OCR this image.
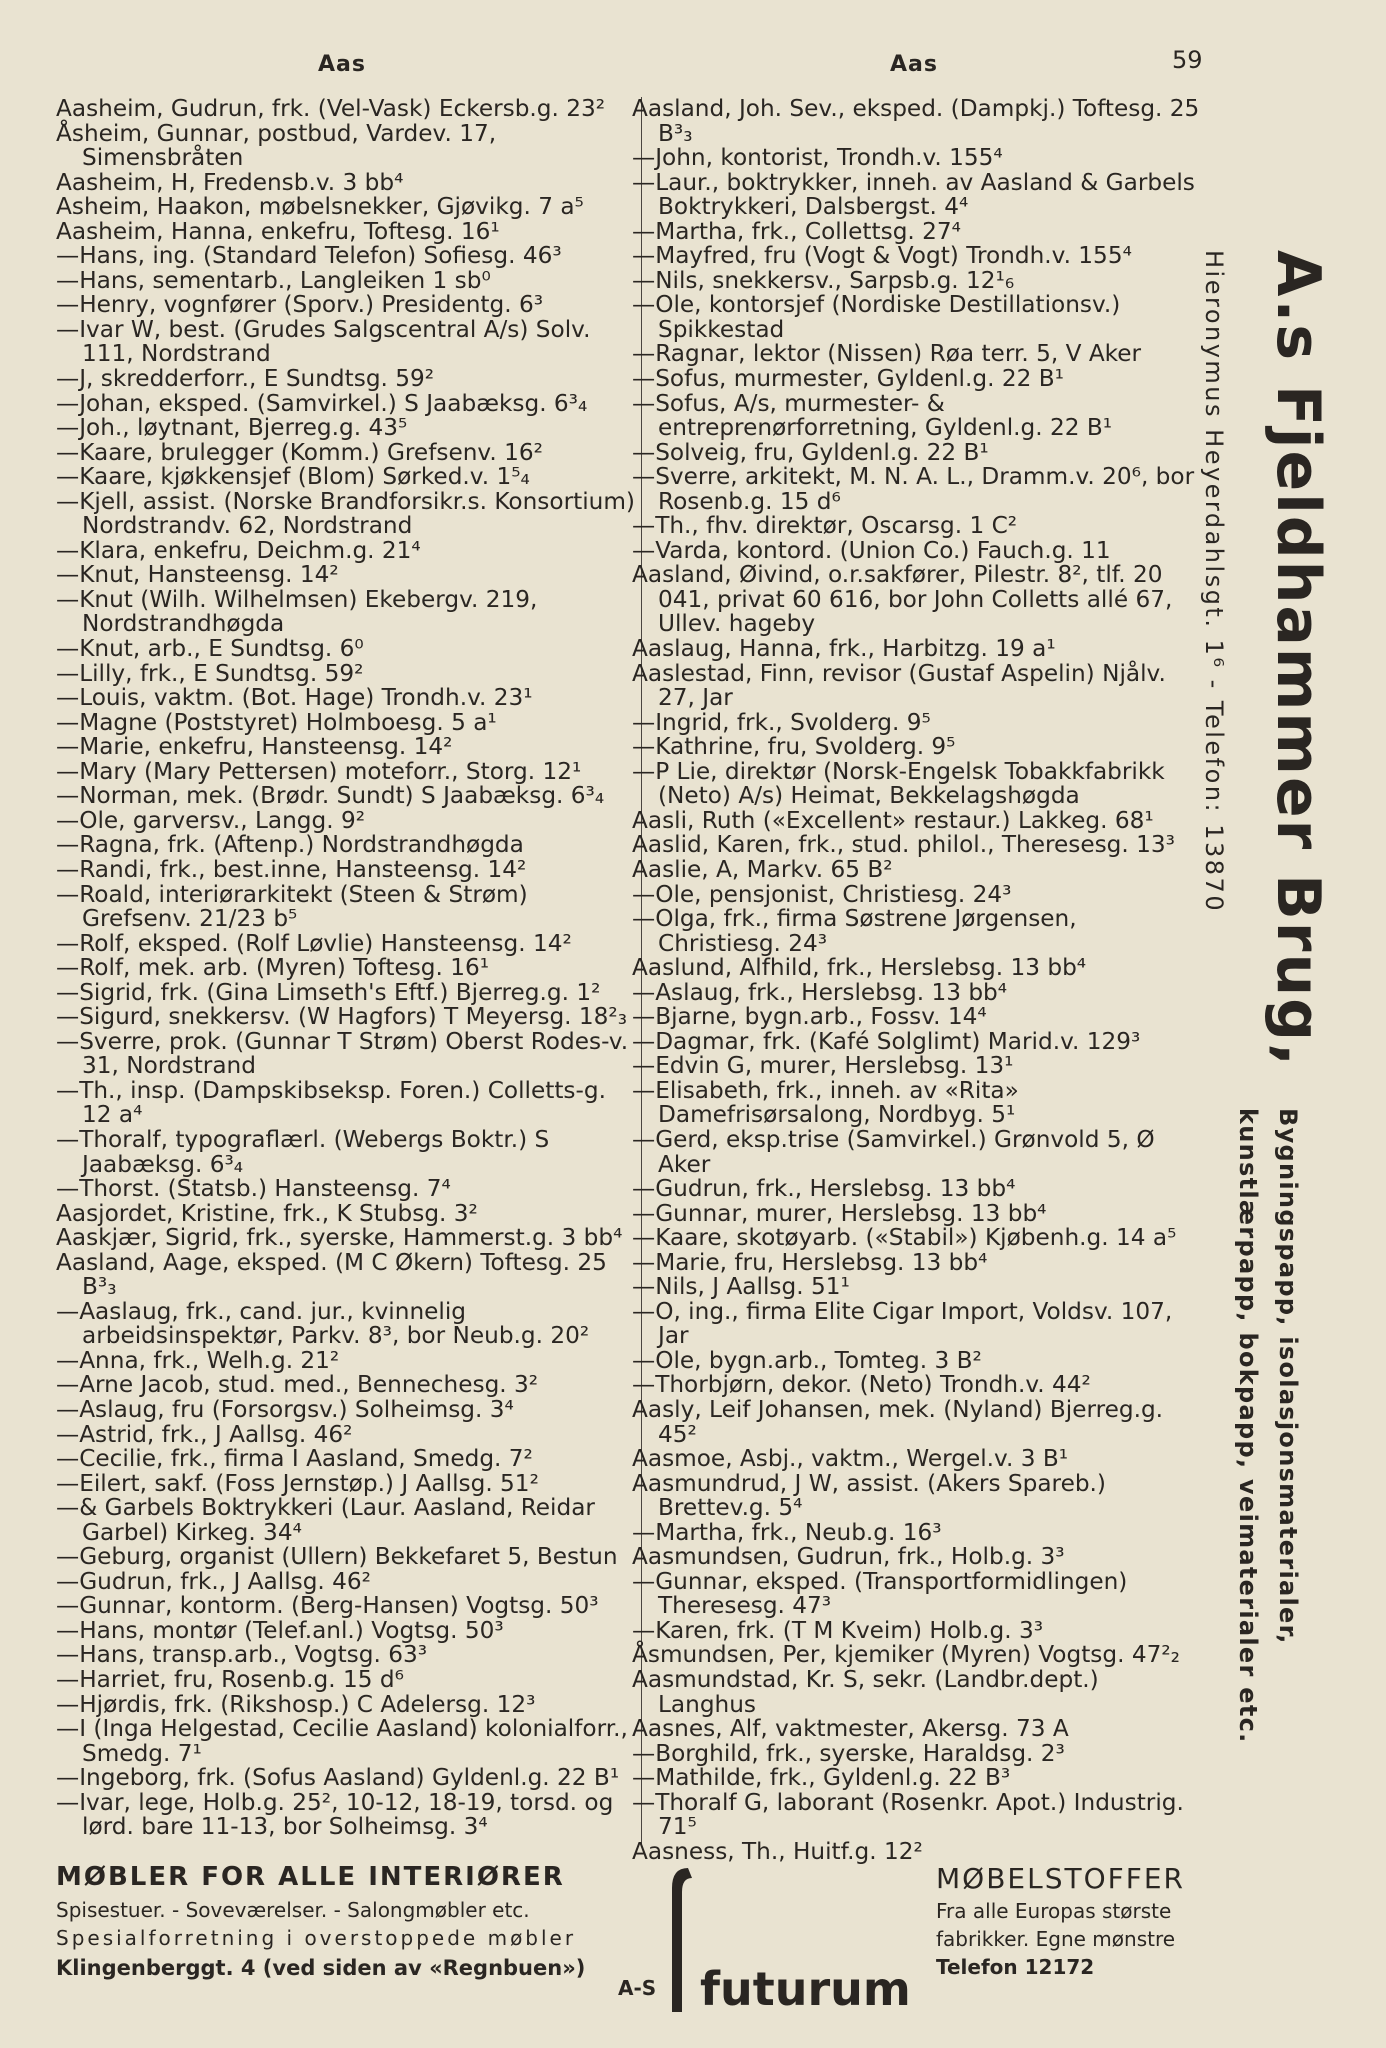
Aas	Aas	59
Aasheim, Gudrun, frk. (Vel-Vask) Eckersb.g. 23²
Åsheim, Gunnar, postbud, Vardev. 17, Simensbråten
Aasheim, H, Fredensb.v. 3 bb⁴
Asheim, Haakon, møbelsnekker, Gjøvikg. 7 a⁵
Aasheim, Hanna, enkefru, Toftesg. 16¹
—Hans, ing. (Standard Telefon) Sofiesg. 46³
—Hans, sementarb., Langleiken 1 sb⁰
—Henry, vognfører (Sporv.) Presidentg. 6³
—Ivar W, best. (Grudes Salgscentral A/s) Solv. 111, Nordstrand
—J, skredderforr., E Sundtsg. 59²
—Johan, eksped. (Samvirkel.) S Jaabæksg. 6³₄
—Joh., løytnant, Bjerreg.g. 43⁵
—Kaare, brulegger (Komm.) Grefsenv. 16²
—Kaare, kjøkkensjef (Blom) Sørked.v. 1⁵₄
—Kjell, assist. (Norske Brandforsikr.s. Konsortium) Nordstrandv. 62, Nordstrand
—Klara, enkefru, Deichm.g. 21⁴
—Knut, Hansteensg. 14²
—Knut (Wilh. Wilhelmsen) Ekebergv. 219, Nordstrandhøgda
—Knut, arb., E Sundtsg. 6⁰
—Lilly, frk., E Sundtsg. 59²
—Louis, vaktm. (Bot. Hage) Trondh.v. 23¹
—Magne (Poststyret) Holmboesg. 5 a¹
—Marie, enkefru, Hansteensg. 14²
—Mary (Mary Pettersen) moteforr., Storg. 12¹
—Norman, mek. (Brødr. Sundt) S Jaabæksg. 6³₄
—Ole, garversv., Langg. 9²
—Ragna, frk. (Aftenp.) Nordstrandhøgda
—Randi, frk., best.inne, Hansteensg. 14²
—Roald, interiørarkitekt (Steen & Strøm) Grefsenv. 21/23 b⁵
—Rolf, eksped. (Rolf Løvlie) Hansteensg. 14²
—Rolf, mek. arb. (Myren) Toftesg. 16¹
—Sigrid, frk. (Gina Limseth's Eftf.) Bjerreg.g. 1²
—Sigurd, snekkersv. (W Hagfors) T Meyersg. 18²₃
—Sverre, prok. (Gunnar T Strøm) Oberst Rodes-v. 31, Nordstrand
—Th., insp. (Dampskibseksp. Foren.) Colletts-g. 12 a⁴
—Thoralf, typograflærl. (Webergs Boktr.) S Jaabæksg. 6³₄
—Thorst. (Statsb.) Hansteensg. 7⁴
Aasjordet, Kristine, frk., K Stubsg. 3²
Aaskjær, Sigrid, frk., syerske, Hammerst.g. 3 bb⁴
Aasland, Aage, eksped. (M C Økern) Toftesg. 25 B³₃
—Aaslaug, frk., cand. jur., kvinnelig arbeidsinspektør, Parkv. 8³, bor Neub.g. 20²
—Anna, frk., Welh.g. 21²
—Arne Jacob, stud. med., Bennechesg. 3²
—Aslaug, fru (Forsorgsv.) Solheimsg. 3⁴
—Astrid, frk., J Aallsg. 46²
—Cecilie, frk., firma I Aasland, Smedg. 7²
—Eilert, sakf. (Foss Jernstøp.) J Aallsg. 51²
—& Garbels Boktrykkeri (Laur. Aasland, Reidar Garbel) Kirkeg. 34⁴
—Geburg, organist (Ullern) Bekkefaret 5, Bestun
—Gudrun, frk., J Aallsg. 46²
—Gunnar, kontorm. (Berg-Hansen) Vogtsg. 50³
—Hans, montør (Telef.anl.) Vogtsg. 50³
—Hans, transp.arb., Vogtsg. 63³
—Harriet, fru, Rosenb.g. 15 d⁶
—Hjørdis, frk. (Rikshosp.) C Adelersg. 12³
—I (Inga Helgestad, Cecilie Aasland) kolonialforr., Smedg. 7¹
—Ingeborg, frk. (Sofus Aasland) Gyldenl.g. 22 B¹
—Ivar, lege, Holb.g. 25², 10-12, 18-19, torsd. og lørd. bare 11-13, bor Solheimsg. 3⁴
Aasland, Joh. Sev., eksped. (Dampkj.) Toftesg. 25 B³₃
—John, kontorist, Trondh.v. 155⁴
—Laur., boktrykker, inneh. av Aasland & Garbels Boktrykkeri, Dalsbergst. 4⁴
—Martha, frk., Collettsg. 27⁴
—Mayfred, fru (Vogt & Vogt) Trondh.v. 155⁴
—Nils, snekkersv., Sarpsb.g. 12¹₆
—Ole, kontorsjef (Nordiske Destillationsv.) Spikkestad
—Ragnar, lektor (Nissen) Røa terr. 5, V Aker
—Sofus, murmester, Gyldenl.g. 22 B¹
—Sofus, A/s, murmester- & entreprenørforretning, Gyldenl.g. 22 B¹
—Solveig, fru, Gyldenl.g. 22 B¹
—Sverre, arkitekt, M. N. A. L., Dramm.v. 20⁶, bor Rosenb.g. 15 d⁶
—Th., fhv. direktør, Oscarsg. 1 C²
—Varda, kontord. (Union Co.) Fauch.g. 11
Aasland, Øivind, o.r.sakfører, Pilestr. 8², tlf. 20 041, privat 60 616, bor John Colletts allé 67, Ullev. hageby
Aaslaug, Hanna, frk., Harbitzg. 19 a¹
Aaslestad, Finn, revisor (Gustaf Aspelin) Njålv. 27, Jar
—Ingrid, frk., Svolderg. 9⁵
—Kathrine, fru, Svolderg. 9⁵
—P Lie, direktør (Norsk-Engelsk Tobakkfabrikk (Neto) A/s) Heimat, Bekkelagshøgda
Aasli, Ruth («Excellent» restaur.) Lakkeg. 68¹
Aaslid, Karen, frk., stud. philol., Theresesg. 13³
Aaslie, A, Markv. 65 B²
—Ole, pensjonist, Christiesg. 24³
—Olga, frk., firma Søstrene Jørgensen, Christiesg. 24³
Aaslund, Alfhild, frk., Herslebsg. 13 bb⁴
—Aslaug, frk., Herslebsg. 13 bb⁴
—Bjarne, bygn.arb., Fossv. 14⁴
—Dagmar, frk. (Kafé Solglimt) Marid.v. 129³
—Edvin G, murer, Herslebsg. 13¹
—Elisabeth, frk., inneh. av «Rita» Damefrisørsalong, Nordbyg. 5¹
—Gerd, eksp.trise (Samvirkel.) Grønvold 5, Ø Aker
—Gudrun, frk., Herslebsg. 13 bb⁴
—Gunnar, murer, Herslebsg. 13 bb⁴
—Kaare, skotøyarb. («Stabil») Kjøbenh.g. 14 a⁵
—Marie, fru, Herslebsg. 13 bb⁴
—Nils, J Aallsg. 51¹
—O, ing., firma Elite Cigar Import, Voldsv. 107, Jar
—Ole, bygn.arb., Tomteg. 3 B²
—Thorbjørn, dekor. (Neto) Trondh.v. 44²
Aasly, Leif Johansen, mek. (Nyland) Bjerreg.g. 45²
Aasmoe, Asbj., vaktm., Wergel.v. 3 B¹
Aasmundrud, J W, assist. (Akers Spareb.) Brettev.g. 5⁴
—Martha, frk., Neub.g. 16³
Aasmundsen, Gudrun, frk., Holb.g. 3³
—Gunnar, eksped. (Transportformidlingen) Theresesg. 47³
—Karen, frk. (T M Kveim) Holb.g. 3³
Åsmundsen, Per, kjemiker (Myren) Vogtsg. 47²₂
Aasmundstad, Kr. S, sekr. (Landbr.dept.) Langhus
Aasnes, Alf, vaktmester, Akersg. 73 A
—Borghild, frk., syerske, Haraldsg. 2³
—Mathilde, frk., Gyldenl.g. 22 B³
—Thoralf G, laborant (Rosenkr. Apot.) Industrig. 71⁵
Aasness, Th., Huitf.g. 12²
Hieronymus Heyerdahlsgt. 1⁶ - Telefon: 13870 A.s Fjeldhammer Brug,
kunstlærpapp, bokpapp, veimaterialer etc. Bygningspapp, isolasjonsmaterialer,
MØBLER FOR ALLE INTERIØRER
Spisestuer. - Soveværelser. - Salongmøbler etc.
Spesialforretning i overstoppede møbler
Klingenberggt. 4 (ved siden av «Regnbuen»)
A-S futurum
MØBELSTOFFER
Fra alle Europas største
fabrikker. Egne mønstre
Telefon 12172
